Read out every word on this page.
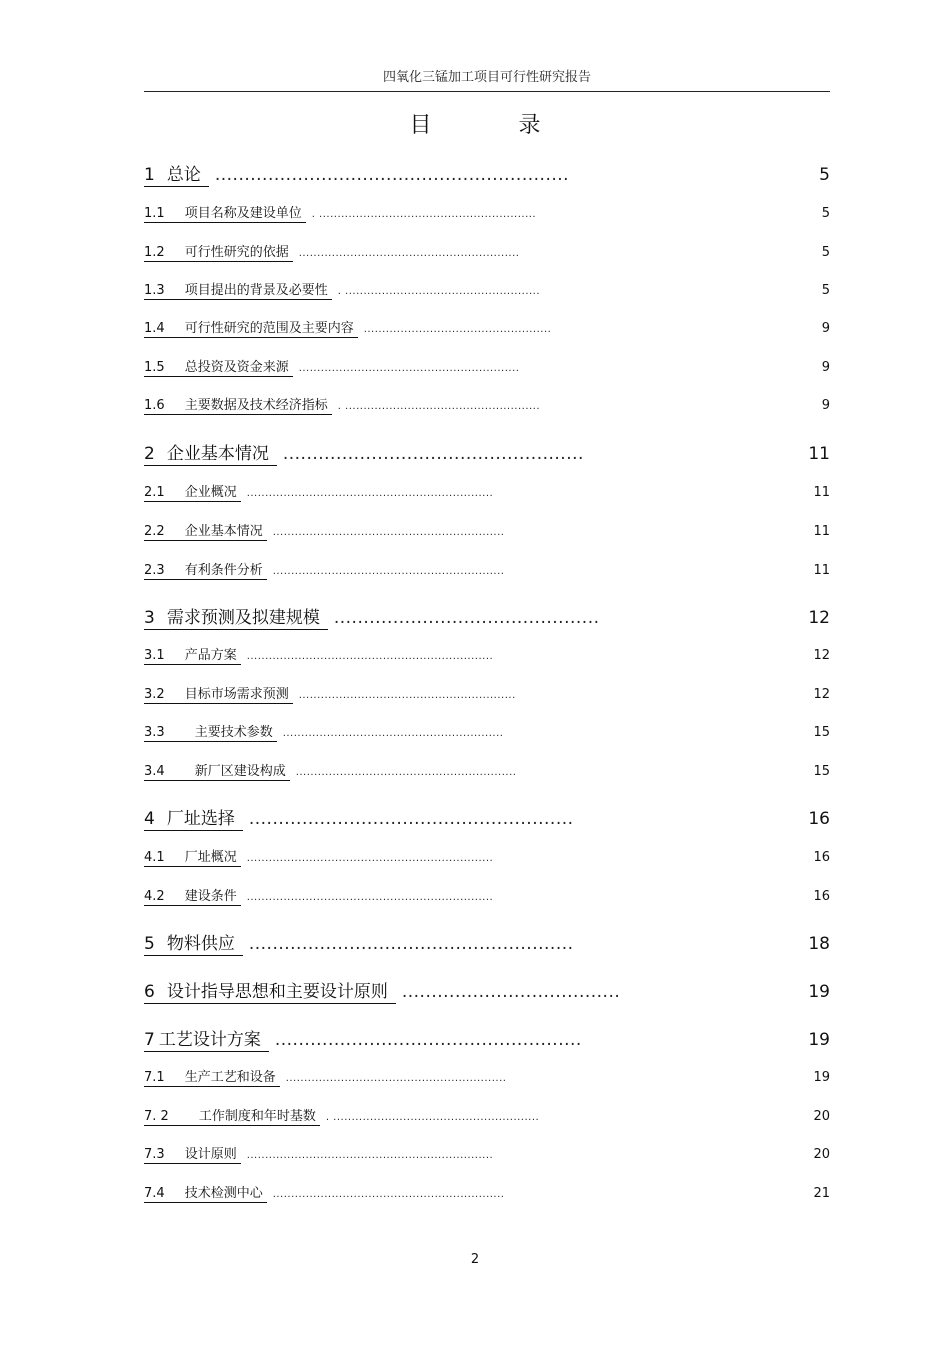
四氧化三锰加工项目可行性研究报告
目 录
1 总论 ............................................................	5
1.1 项目名称及建设单位	. ...........................................................	5
1.2 可行性研究的依据	............................................................	5
1.3 项目提出的背景及必要性	. .....................................................	5
1.4 可行性研究的范围及主要内容	...................................................	9
1.5 总投资及资金来源	............................................................	9
1.6 主要数据及技术经济指标	. .....................................................	9
2 企业基本情况 ...................................................	11
2.1 企业概况	...................................................................	11
2.2 企业基本情况	...............................................................	11
2.3 有利条件分析	...............................................................	11
3 需求预测及拟建规模 .............................................	12
3.1 产品方案	...................................................................	12
3.2 目标市场需求预测	...........................................................	12
3.3 主要技术参数	............................................................	15
3.4 新厂区建设构成	............................................................	15
4 厂址选择 .......................................................	16
4.1 厂址概况	...................................................................	16
4.2 建设条件	...................................................................	16
5 物料供应 .......................................................	18
6 设计指导思想和主要设计原则 .....................................	19
7 工艺设计方案 ....................................................	19
7.1 生产工艺和设备	............................................................	19
7. 2 工作制度和年时基数	. ........................................................	20
7.3 设计原则	...................................................................	20
7.4 技术检测中心	...............................................................	21
2
